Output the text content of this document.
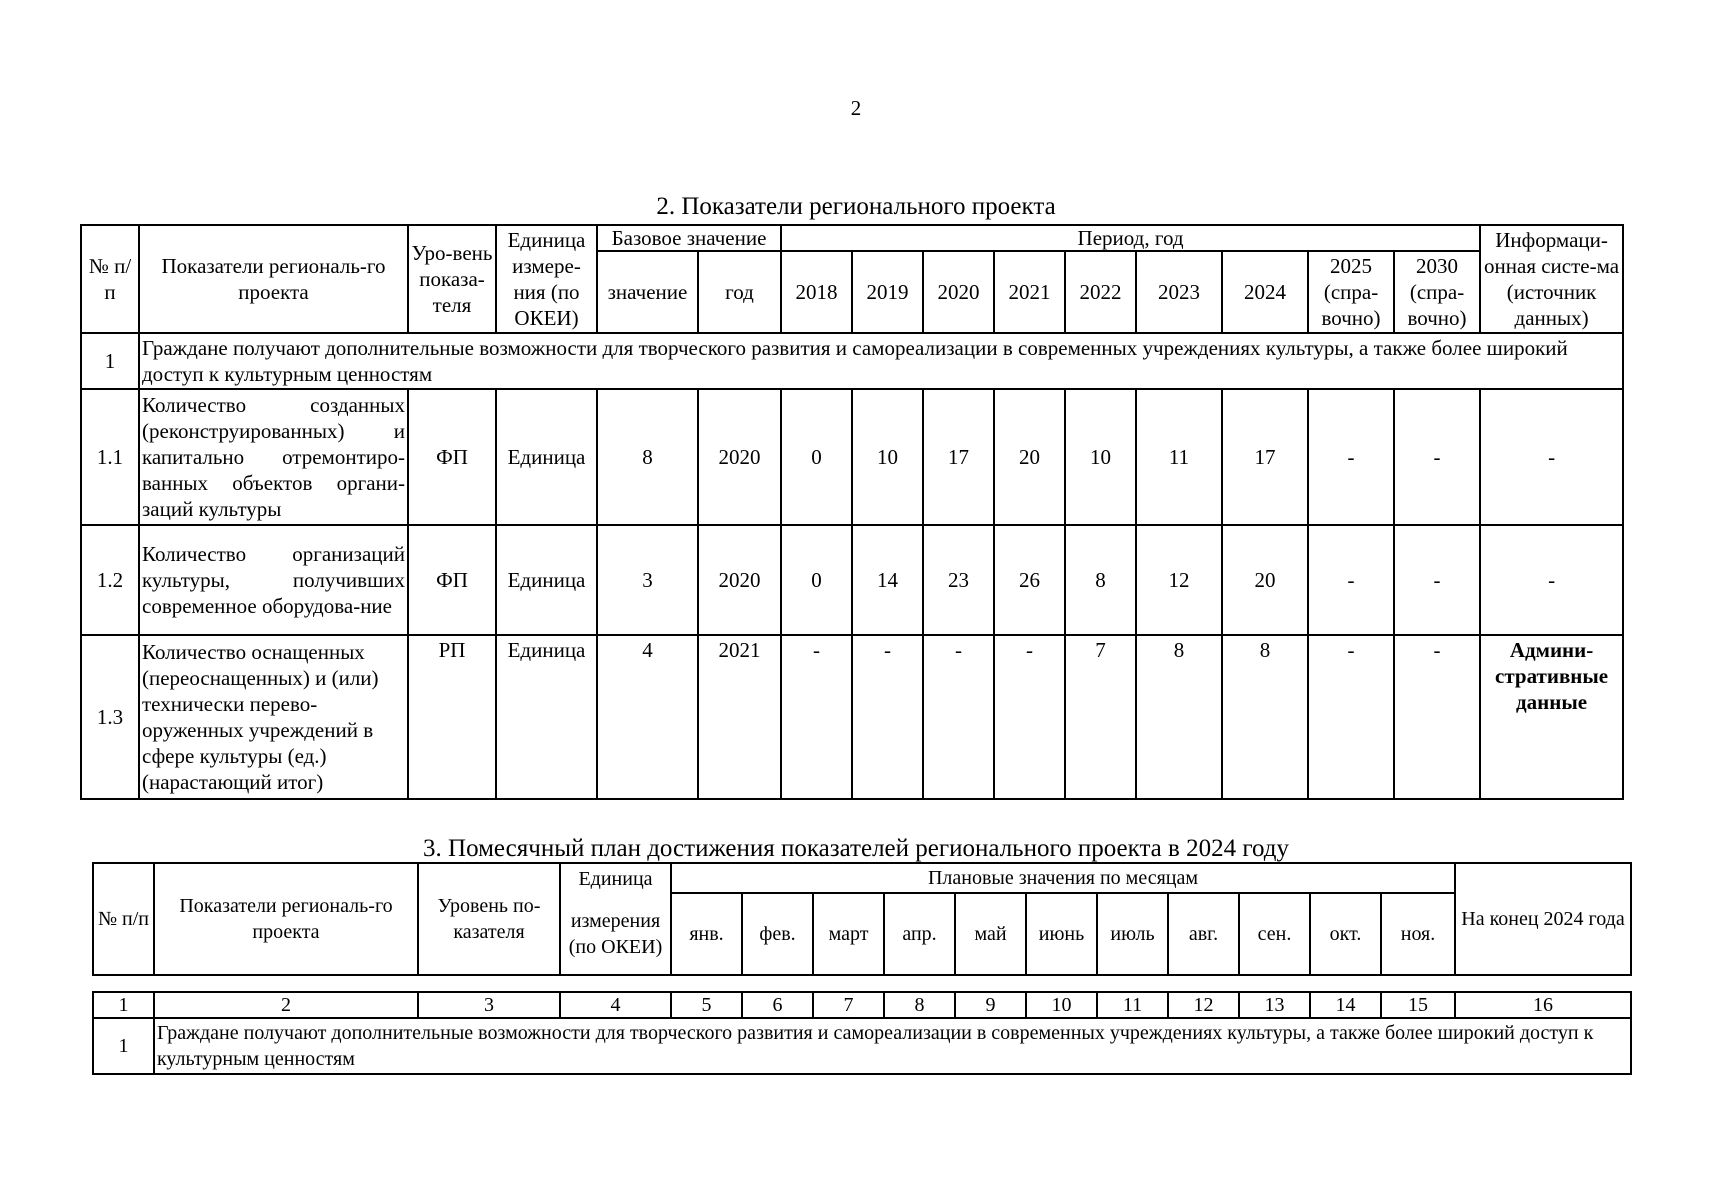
2
2. Показатели регионального проекта
№ п/п	Показатели региональ-го проекта	Уро-вень показа-теля	Единица измере-ния (по ОКЕИ)	Базовое значение		Период, год									Информаци-онная систе-ма (источник данных)
				значение	год	2018	2019	2020	2021	2022	2023	2024	2025 (спра-вочно)	2030 (спра-вочно)	
1	Граждане получают дополнительные возможности для творческого развития и самореализации в современных учреждениях культуры, а также более широкий доступ к культурным ценностям														
1.1	Количество созданных (реконструированных) и капитально отремонтиро-ванных объектов органи-заций культуры	ФП	Единица	8	2020	0	10	17	20	10	11	17	-	-	-
1.2	Количество организаций культуры, получивших современное оборудова-ние	ФП	Единица	3	2020	0	14	23	26	8	12	20	-	-	-
1.3	Количество оснащенных (переоснащенных) и (или) технически перево-оруженных учреждений в сфере культуры (ед.) (нарастающий итог)	РП	Единица	4	2021	-	-	-	-	7	8	8	-	-	Админи-стративные данные
3. Помесячный план достижения показателей регионального проекта в 2024 году
№ п/п	Показатели региональ-го проекта	Уровень по-казателя	Единица	Плановые значения по месяцам											На конец 2024 года
			измерения (по ОКЕИ)	янв.	фев.	март	апр.	май	июнь	июль	авг.	сен.	окт.	ноя.	
1	2	3	4	5	6	7	8	9	10	11	12	13	14	15	16
1	Граждане получают дополнительные возможности для творческого развития и самореализации в современных учреждениях культуры, а также более широкий доступ к культурным ценностям														
